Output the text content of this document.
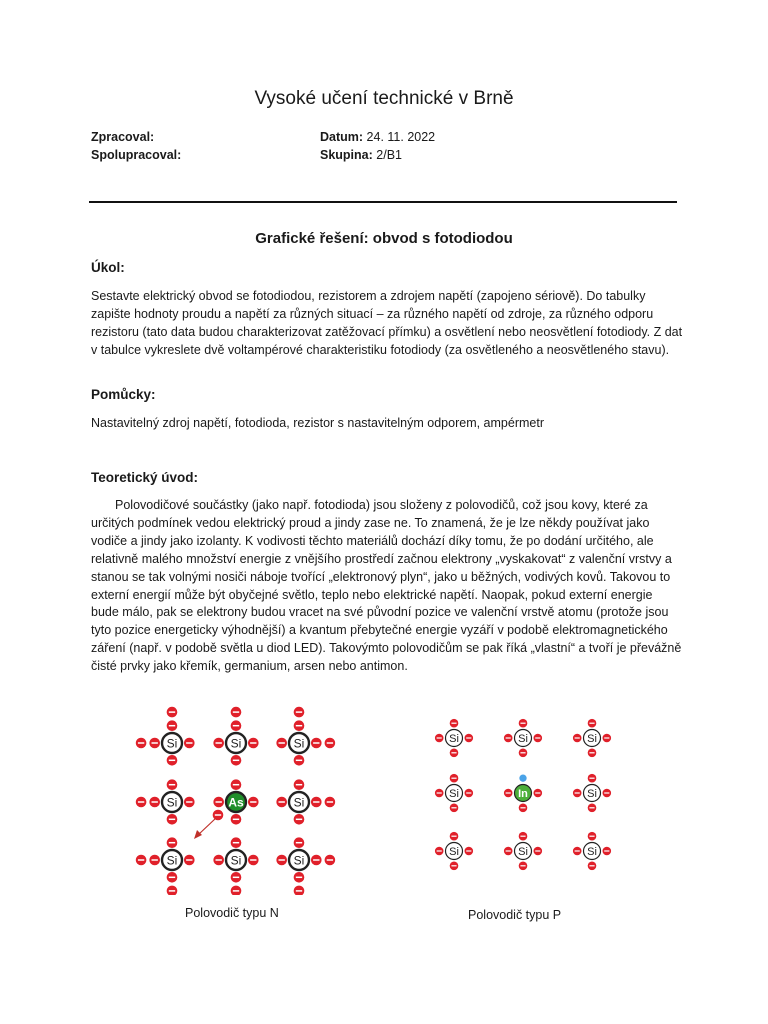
Vysoké učení technické v Brně
Zpracoval:
Spolupracoval:
Datum: 24. 11. 2022
Skupina: 2/B1
Grafické řešení: obvod s fotodiodou
Úkol:
Sestavte elektrický obvod se fotodiodou, rezistorem a zdrojem napětí (zapojeno sériově). Do tabulky zapište hodnoty proudu a napětí za různých situací – za různého napětí od zdroje, za různého odporu rezistoru (tato data budou charakterizovat zatěžovací přímku) a osvětlení nebo neosvětlení fotodiody. Z dat v tabulce vykreslete dvě voltampérové charakteristiku fotodiody (za osvětleného a neosvětleného stavu).
Pomůcky:
Nastavitelný zdroj napětí, fotodioda, rezistor s nastavitelným odporem, ampérmetr
Teoretický úvod:
Polovodičové součástky (jako např. fotodioda) jsou složeny z polovodičů, což jsou kovy, které za určitých podmínek vedou elektrický proud a jindy zase ne. To znamená, že je lze někdy používat jako vodiče a jindy jako izolanty. K vodivosti těchto materiálů dochází díky tomu, že po dodání určitého, ale relativně malého množství energie z vnějšího prostředí začnou elektrony „vyskakovat“ z valenční vrstvy a stanou se tak volnými nosiči náboje tvořící „elektronový plyn“, jako u běžných, vodivých kovů. Takovou to externí energií může být obyčejné světlo, teplo nebo elektrické napětí. Naopak, pokud externí energie bude málo, pak se elektrony budou vracet na své původní pozice ve valenční vrstvě atomu (protože jsou tyto pozice energeticky výhodnější) a kvantum přebytečné energie vyzáří v podobě elektromagnetického záření (např. v podobě světla u diod LED). Takovýmto polovodičům se pak říká „vlastní“ a tvoří je převážně čisté prvky jako křemík, germanium, arsen nebo antimon.
Si	Si	Si
Si	As	Si
Si	Si	Si
Si	Si	Si
Si	In	Si
Si	Si	Si
Polovodič typu N	Polovodič typu P
